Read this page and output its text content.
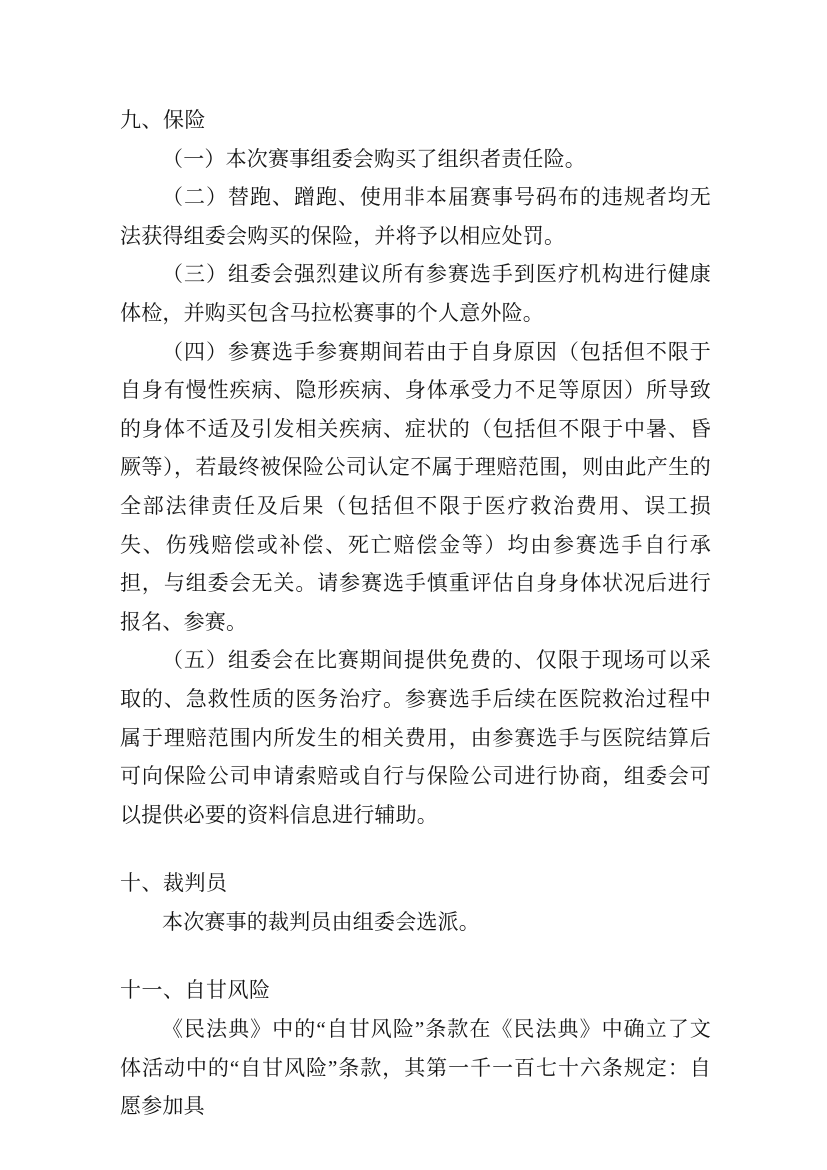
九、保险

（一）本次赛事组委会购买了组织者责任险。

（二）替跑、蹭跑、使用非本届赛事号码布的违规者均无法获得组委会购买的保险，并将予以相应处罚。

（三）组委会强烈建议所有参赛选手到医疗机构进行健康体检，并购买包含马拉松赛事的个人意外险。

（四）参赛选手参赛期间若由于自身原因（包括但不限于自身有慢性疾病、隐形疾病、身体承受力不足等原因）所导致的身体不适及引发相关疾病、症状的（包括但不限于中暑、昏厥等），若最终被保险公司认定不属于理赔范围，则由此产生的全部法律责任及后果（包括但不限于医疗救治费用、误工损失、伤残赔偿或补偿、死亡赔偿金等）均由参赛选手自行承担，与组委会无关。请参赛选手慎重评估自身身体状况后进行报名、参赛。

（五）组委会在比赛期间提供免费的、仅限于现场可以采取的、急救性质的医务治疗。参赛选手后续在医院救治过程中属于理赔范围内所发生的相关费用，由参赛选手与医院结算后可向保险公司申请索赔或自行与保险公司进行协商，组委会可以提供必要的资料信息进行辅助。

十、裁判员

本次赛事的裁判员由组委会选派。

十一、自甘风险

《民法典》中的“自甘风险”条款在《民法典》中确立了文体活动中的“自甘风险”条款，其第一千一百七十六条规定：自愿参加具
